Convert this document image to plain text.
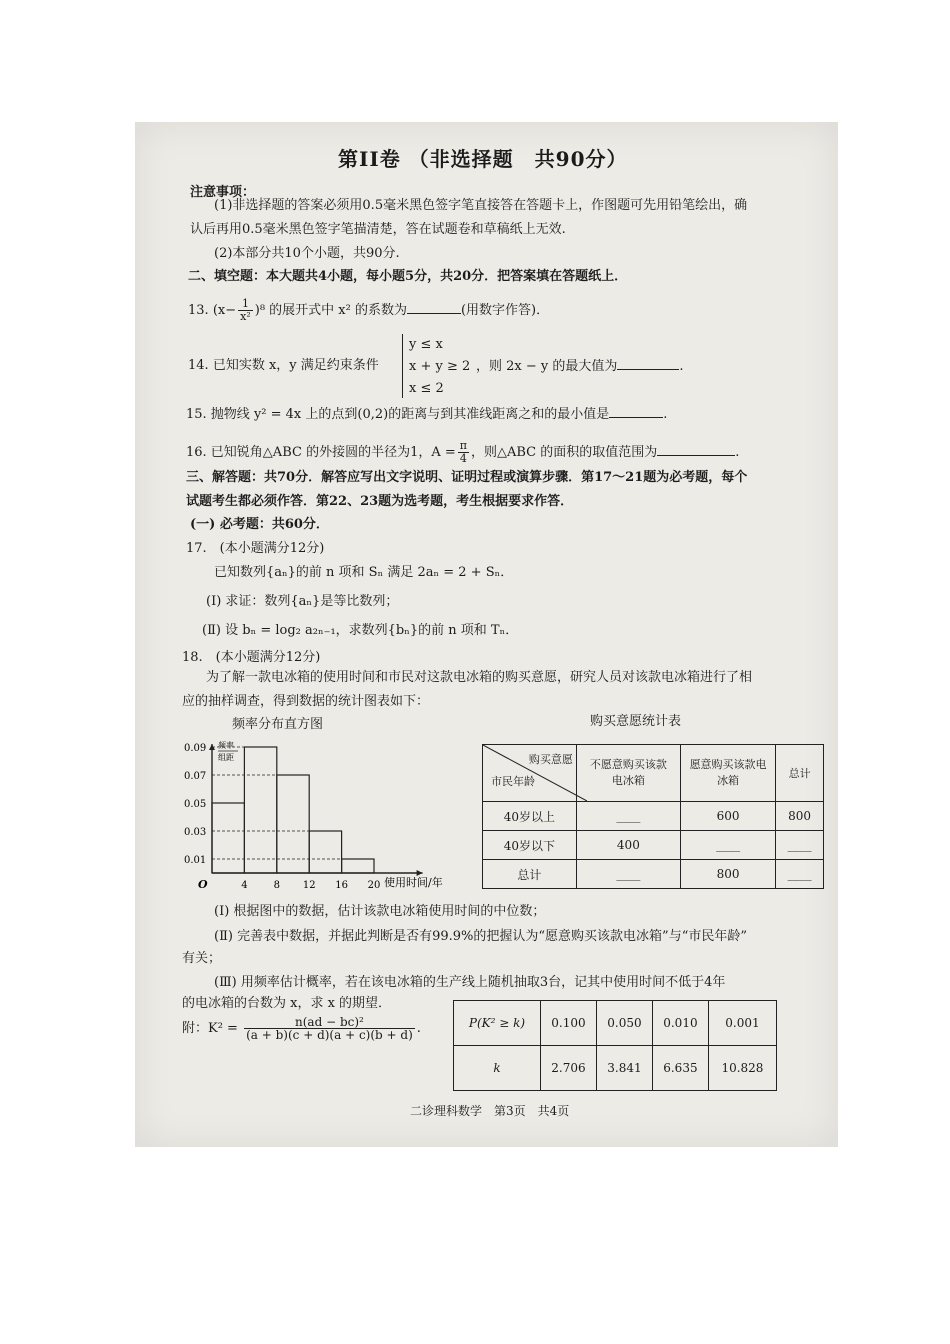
第II卷 （非选择题　共90分）
注意事项：
(1)非选择题的答案必须用0.5毫米黑色签字笔直接答在答题卡上，作图题可先用铅笔绘出，确
认后再用0.5毫米黑色签字笔描清楚，答在试题卷和草稿纸上无效.
(2)本部分共10个小题，共90分.
二、填空题：本大题共4小题，每小题5分，共20分．把答案填在答题纸上．
13. $(x- \frac{1}{\text{x²}} )^8$ 的展开式中 x² 的系数为	(用数字作答)．
14. 已知实数 x，y 满足约束条件
y ≤ x
x + y ≥ 2
x ≤ 2
，则 2x − y 的最大值为	.
15. 抛物线 y² = 4x 上的点到(0,2)的距离与到其准线距离之和的最小值是	.
16. 已知锐角△ABC 的外接圆的半径为1，$A = \frac{\pi}{4}$ ，则△ABC 的面积的取值范围为	.
三、解答题：共70分．解答应写出文字说明、证明过程或演算步骤．第17～21题为必考题，每个
试题考生都必须作答．第22、23题为选考题，考生根据要求作答．
(一) 必考题：共60分．
17.　(本小题满分12分)
已知数列{aₙ}的前 n 项和 Sₙ 满足 2aₙ = 2 + Sₙ．
(Ⅰ) 求证：数列{aₙ}是等比数列；
(Ⅱ) 设 bₙ = log₂ a₂ₙ₋₁，求数列{bₙ}的前 n 项和 Tₙ．
18.　(本小题满分12分)
为了解一款电冰箱的使用时间和市民对这款电冰箱的购买意愿，研究人员对该款电冰箱进行了相
应的抽样调查，得到数据的统计图表如下：
频率分布直方图	购买意愿统计表
0.09
0.07
0.05
0.03
0.01
4	8 12 16 20
频率
组距
O	使用时间/年
购买意愿
市民年龄	不愿意购买该款电冰箱	愿意购买该款电冰箱	总计
40岁以上	____	600	800
40岁以下	400	____	____
总计	____	800	____
(Ⅰ) 根据图中的数据，估计该款电冰箱使用时间的中位数；
(Ⅱ) 完善表中数据，并据此判断是否有99.9%的把握认为“愿意购买该款电冰箱”与“市民年龄”
有关；
(Ⅲ) 用频率估计概率，若在该电冰箱的生产线上随机抽取3台，记其中使用时间不低于4年
的电冰箱的台数为 x，求 x 的期望．
附：$K^2 = \frac{\text{n(ad − bc)²}}{(a + b)(c + d)(a + c)(b + d)}$ .	P(K² ≥ k)	0.100	0.050	0.010	0.001
k	2.706	3.841	6.635	10.828
二诊理科数学　第3页　共4页
